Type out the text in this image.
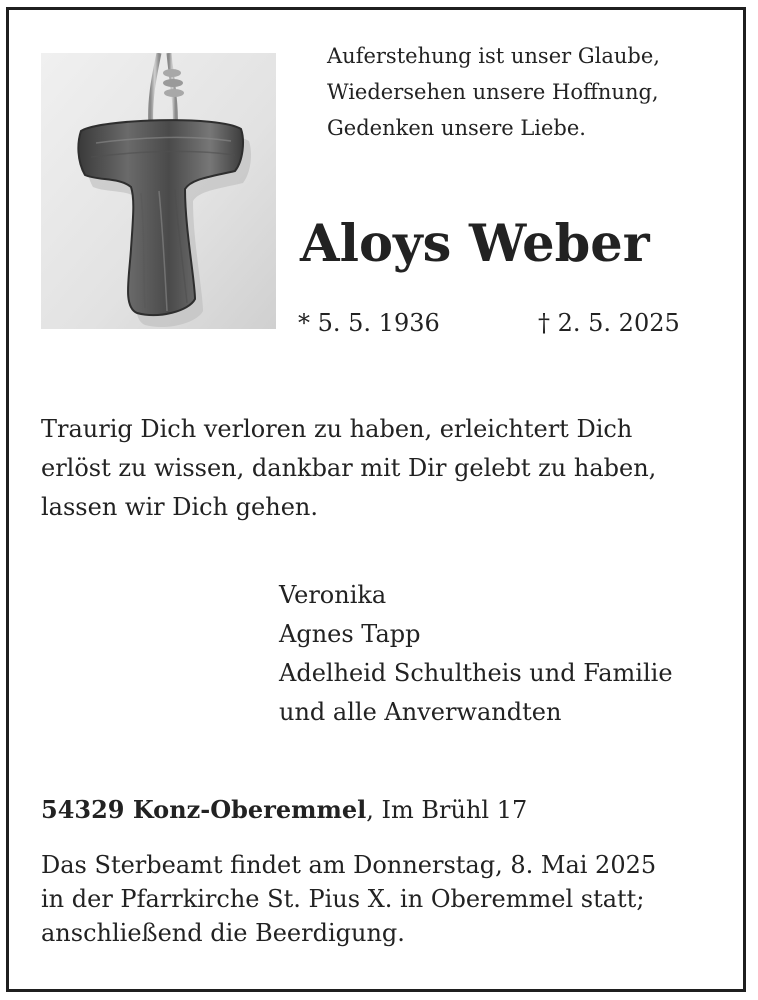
Auferstehung ist unser Glaube,
Wiedersehen unsere Hoffnung,
Gedenken unsere Liebe.
Aloys Weber
* 5. 5. 1936	† 2. 5. 2025
Traurig Dich verloren zu haben, erleichtert Dich
erlöst zu wissen, dankbar mit Dir gelebt zu haben,
lassen wir Dich gehen.
Veronika
Agnes Tapp
Adelheid Schultheis und Familie
und alle Anverwandten
54329 Konz-Oberemmel, Im Brühl 17
Das Sterbeamt findet am Donnerstag, 8. Mai 2025
in der Pfarrkirche St. Pius X. in Oberemmel statt;
anschließend die Beerdigung.
